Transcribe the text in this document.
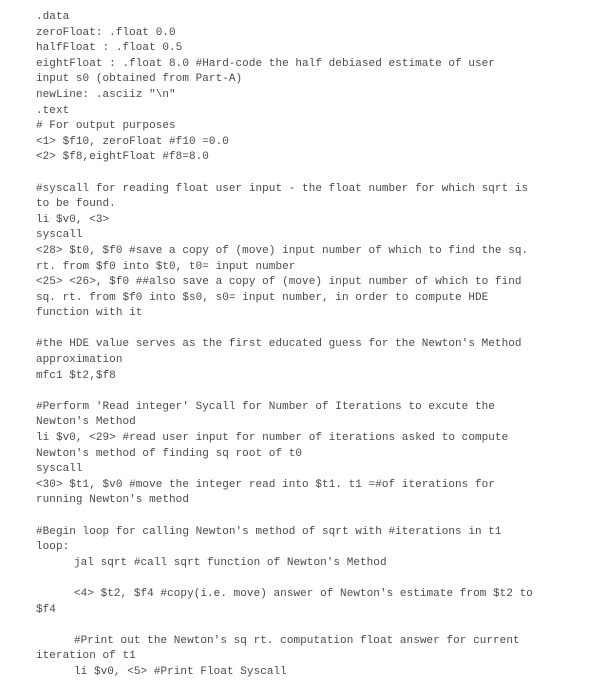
.data
zeroFloat: .float 0.0
halfFloat : .float 0.5
eightFloat : .float 8.0 #Hard-code the half debiased estimate of user
input s0 (obtained from Part-A)
newLine: .asciiz "\n"
.text
# For output purposes
<1> $f10, zeroFloat #f10 =0.0
<2> $f8,eightFloat #f8=8.0
#syscall for reading float user input - the float number for which sqrt is
to be found.
li $v0, <3>
syscall
<28> $t0, $f0 #save a copy of (move) input number of which to find the sq.
rt. from $f0 into $t0, t0= input number
<25> <26>, $f0 ##also save a copy of (move) input number of which to find
sq. rt. from $f0 into $s0, s0= input number, in order to compute HDE
function with it
#the HDE value serves as the first educated guess for the Newton's Method
approximation
mfc1 $t2,$f8
#Perform 'Read integer' Sycall for Number of Iterations to excute the
Newton's Method
li $v0, <29> #read user input for number of iterations asked to compute
Newton's method of finding sq root of t0
syscall
<30> $t1, $v0 #move the integer read into $t1. t1 =#of iterations for
running Newton's method
#Begin loop for calling Newton's method of sqrt with #iterations in t1
loop:
jal sqrt #call sqrt function of Newton's Method
<4> $t2, $f4 #copy(i.e. move) answer of Newton's estimate from $t2 to
$f4
#Print out the Newton's sq rt. computation float answer for current
iteration of t1
li $v0, <5> #Print Float Syscall
